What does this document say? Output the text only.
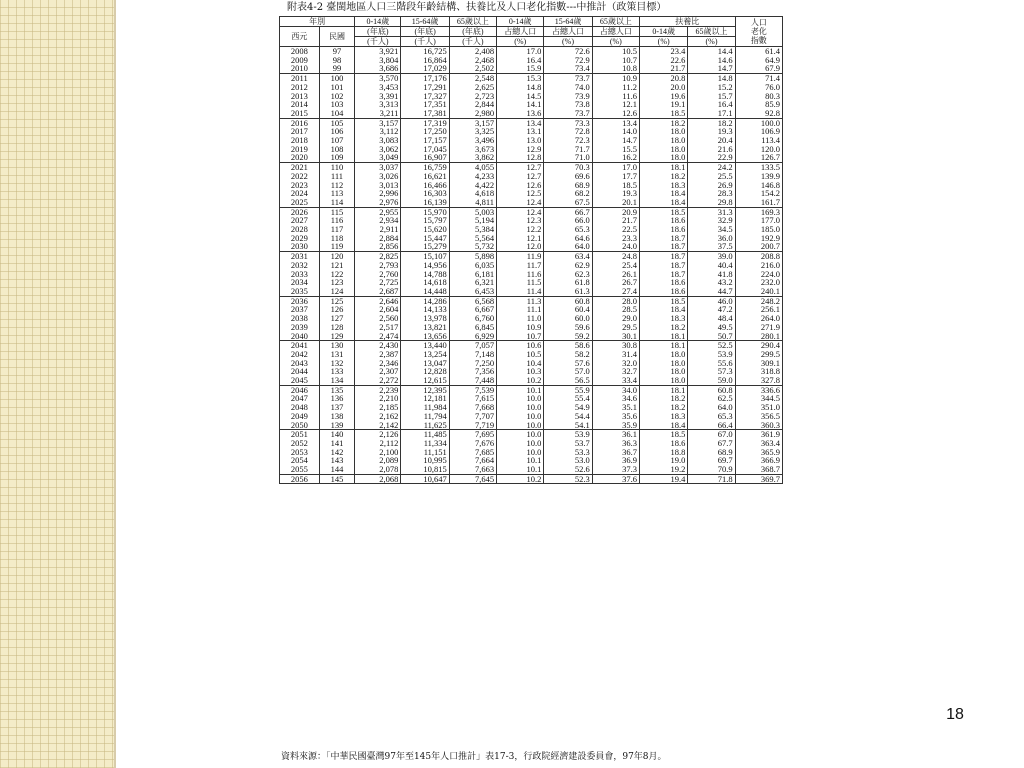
附表4-2 臺閩地區人口三階段年齡結構、扶養比及人口老化指數---中推計（政策目標）
年別		0-14歲	15-64歲	65歲以上	0-14歲	15-64歲	65歲以上	扶養比		人口
老化
指數

西元	民國	(年底)	(年底)	(年底)	占總人口	占總人口	占總人口	0-14歲	65歲以上	
		(千人)	(千人)	(千人)	(%)	(%)	(%)	(%)	(%)	
2008	97	3,921	16,725	2,408	17.0	72.6	10.5	23.4	14.4	61.4
2009	98	3,804	16,864	2,468	16.4	72.9	10.7	22.6	14.6	64.9
2010	99	3,686	17,029	2,502	15.9	73.4	10.8	21.7	14.7	67.9
2011	100	3,570	17,176	2,548	15.3	73.7	10.9	20.8	14.8	71.4
2012	101	3,453	17,291	2,625	14.8	74.0	11.2	20.0	15.2	76.0
2013	102	3,391	17,327	2,723	14.5	73.9	11.6	19.6	15.7	80.3
2014	103	3,313	17,351	2,844	14.1	73.8	12.1	19.1	16.4	85.9
2015	104	3,211	17,381	2,980	13.6	73.7	12.6	18.5	17.1	92.8
2016	105	3,157	17,319	3,157	13.4	73.3	13.4	18.2	18.2	100.0
2017	106	3,112	17,250	3,325	13.1	72.8	14.0	18.0	19.3	106.9
2018	107	3,083	17,157	3,496	13.0	72.3	14.7	18.0	20.4	113.4
2019	108	3,062	17,045	3,673	12.9	71.7	15.5	18.0	21.6	120.0
2020	109	3,049	16,907	3,862	12.8	71.0	16.2	18.0	22.9	126.7
2021	110	3,037	16,759	4,055	12.7	70.3	17.0	18.1	24.2	133.5
2022	111	3,026	16,621	4,233	12.7	69.6	17.7	18.2	25.5	139.9
2023	112	3,013	16,466	4,422	12.6	68.9	18.5	18.3	26.9	146.8
2024	113	2,996	16,303	4,618	12.5	68.2	19.3	18.4	28.3	154.2
2025	114	2,976	16,139	4,811	12.4	67.5	20.1	18.4	29.8	161.7
2026	115	2,955	15,970	5,003	12.4	66.7	20.9	18.5	31.3	169.3
2027	116	2,934	15,797	5,194	12.3	66.0	21.7	18.6	32.9	177.0
2028	117	2,911	15,620	5,384	12.2	65.3	22.5	18.6	34.5	185.0
2029	118	2,884	15,447	5,564	12.1	64.6	23.3	18.7	36.0	192.9
2030	119	2,856	15,279	5,732	12.0	64.0	24.0	18.7	37.5	200.7
2031	120	2,825	15,107	5,898	11.9	63.4	24.8	18.7	39.0	208.8
2032	121	2,793	14,956	6,035	11.7	62.9	25.4	18.7	40.4	216.0
2033	122	2,760	14,788	6,181	11.6	62.3	26.1	18.7	41.8	224.0
2034	123	2,725	14,618	6,321	11.5	61.8	26.7	18.6	43.2	232.0
2035	124	2,687	14,448	6,453	11.4	61.3	27.4	18.6	44.7	240.1
2036	125	2,646	14,286	6,568	11.3	60.8	28.0	18.5	46.0	248.2
2037	126	2,604	14,133	6,667	11.1	60.4	28.5	18.4	47.2	256.1
2038	127	2,560	13,978	6,760	11.0	60.0	29.0	18.3	48.4	264.0
2039	128	2,517	13,821	6,845	10.9	59.6	29.5	18.2	49.5	271.9
2040	129	2,474	13,656	6,929	10.7	59.2	30.1	18.1	50.7	280.1
2041	130	2,430	13,440	7,057	10.6	58.6	30.8	18.1	52.5	290.4
2042	131	2,387	13,254	7,148	10.5	58.2	31.4	18.0	53.9	299.5
2043	132	2,346	13,047	7,250	10.4	57.6	32.0	18.0	55.6	309.1
2044	133	2,307	12,828	7,356	10.3	57.0	32.7	18.0	57.3	318.8
2045	134	2,272	12,615	7,448	10.2	56.5	33.4	18.0	59.0	327.8
2046	135	2,239	12,395	7,539	10.1	55.9	34.0	18.1	60.8	336.6
2047	136	2,210	12,181	7,615	10.0	55.4	34.6	18.2	62.5	344.5
2048	137	2,185	11,984	7,668	10.0	54.9	35.1	18.2	64.0	351.0
2049	138	2,162	11,794	7,707	10.0	54.4	35.6	18.3	65.3	356.5
2050	139	2,142	11,625	7,719	10.0	54.1	35.9	18.4	66.4	360.3
2051	140	2,126	11,485	7,695	10.0	53.9	36.1	18.5	67.0	361.9
2052	141	2,112	11,334	7,676	10.0	53.7	36.3	18.6	67.7	363.4
2053	142	2,100	11,151	7,685	10.0	53.3	36.7	18.8	68.9	365.9
2054	143	2,089	10,995	7,664	10.1	53.0	36.9	19.0	69.7	366.9
2055	144	2,078	10,815	7,663	10.1	52.6	37.3	19.2	70.9	368.7
2056	145	2,068	10,647	7,645	10.2	52.3	37.6	19.4	71.8	369.7
資料來源：「中華民國臺灣97年至145年人口推計」表17-3，行政院經濟建設委員會，97年8月。
18
